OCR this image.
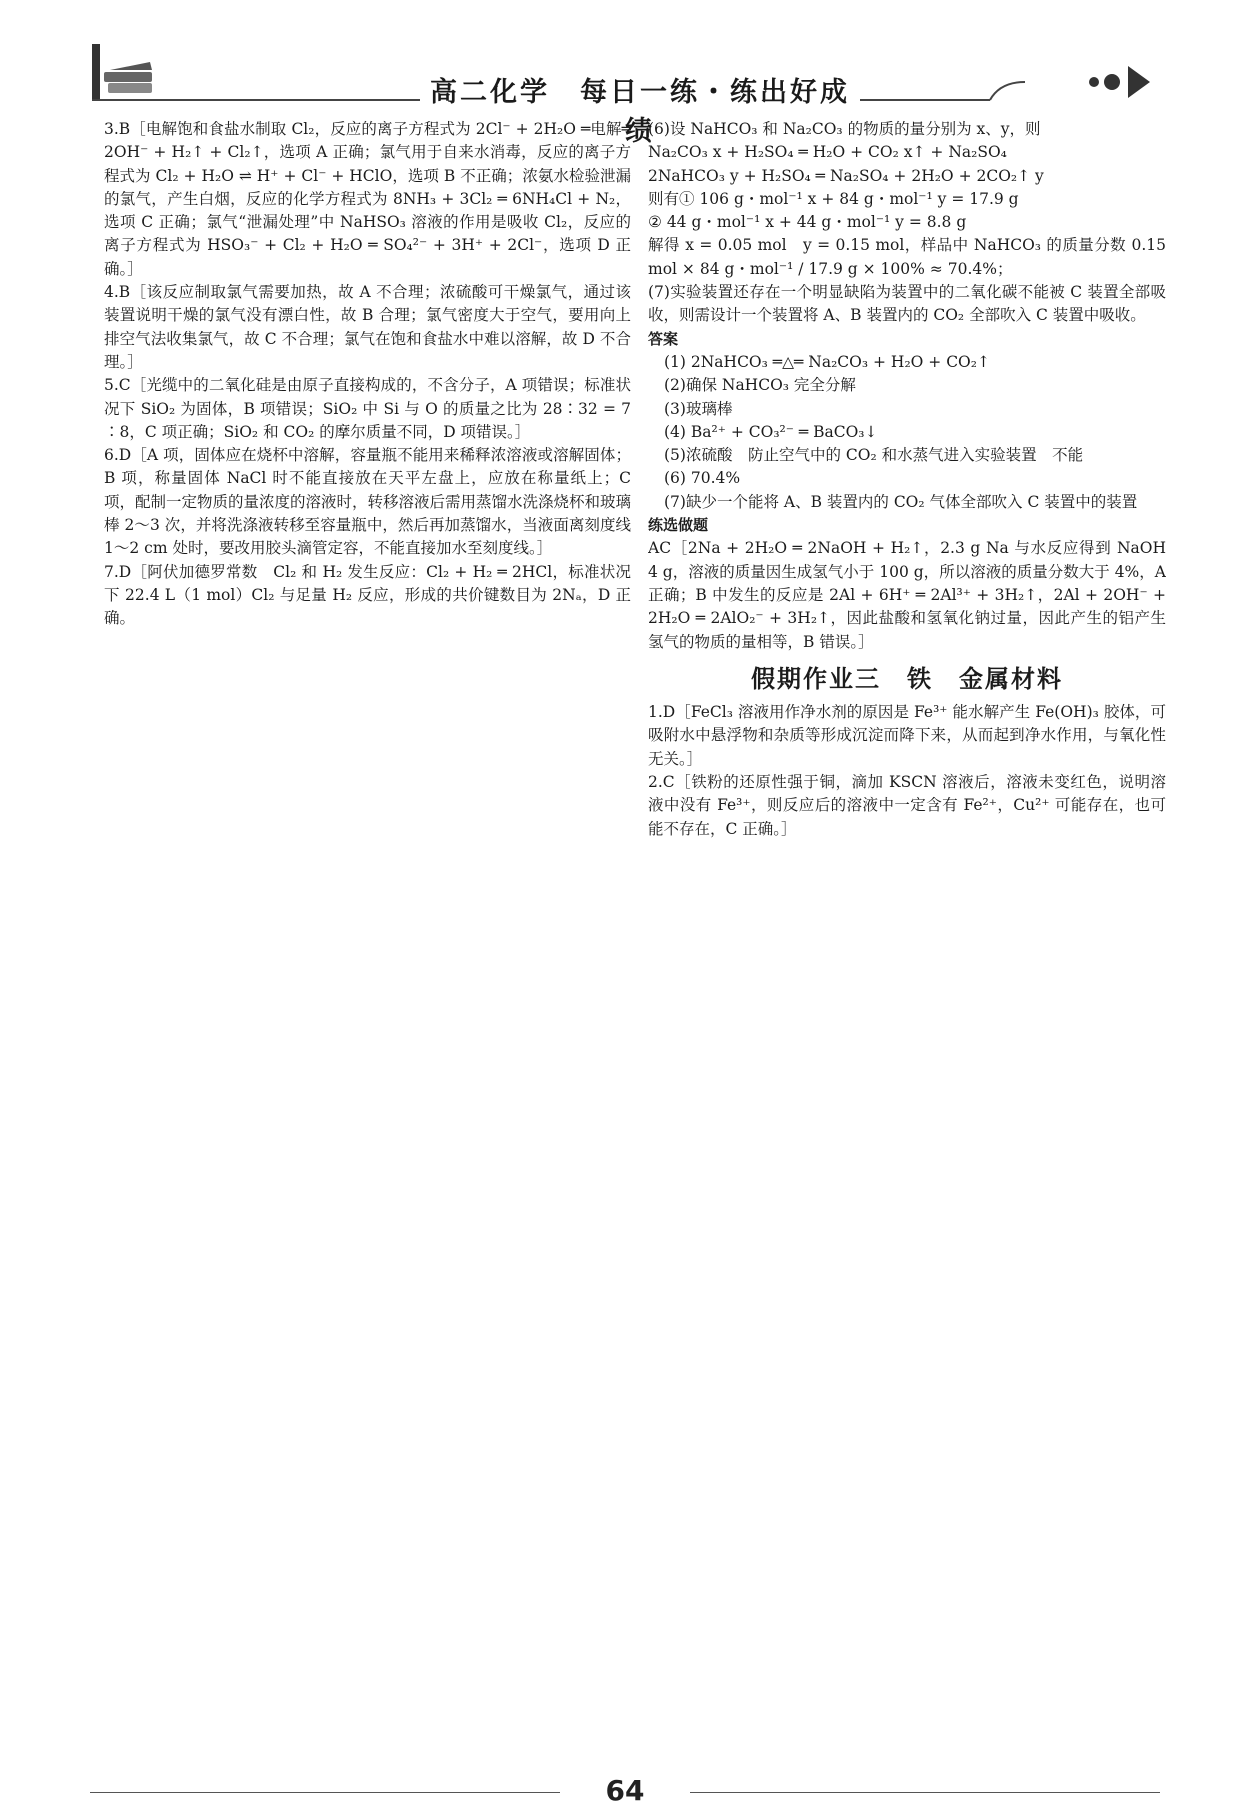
高二化学　每日一练・练出好成绩

3.B［电解饱和食盐水制取 Cl₂，反应的离子方程式为 2Cl⁻ + 2H₂O ═电解═ 2OH⁻ + H₂↑ + Cl₂↑，选项 A 正确；氯气用于自来水消毒，反应的离子方程式为 Cl₂ + H₂O ⇌ H⁺ + Cl⁻ + HClO，选项 B 不正确；浓氨水检验泄漏的氯气，产生白烟，反应的化学方程式为 8NH₃ + 3Cl₂ ═ 6NH₄Cl + N₂，选项 C 正确；氯气“泄漏处理”中 NaHSO₃ 溶液的作用是吸收 Cl₂，反应的离子方程式为 HSO₃⁻ + Cl₂ + H₂O ═ SO₄²⁻ + 3H⁺ + 2Cl⁻，选项 D 正确。］

4.B［该反应制取氯气需要加热，故 A 不合理；浓硫酸可干燥氯气，通过该装置说明干燥的氯气没有漂白性，故 B 合理；氯气密度大于空气，要用向上排空气法收集氯气，故 C 不合理；氯气在饱和食盐水中难以溶解，故 D 不合理。］

5.C［光缆中的二氧化硅是由原子直接构成的，不含分子，A 项错误；标准状况下 SiO₂ 为固体，B 项错误；SiO₂ 中 Si 与 O 的质量之比为 28∶32 = 7∶8，C 项正确；SiO₂ 和 CO₂ 的摩尔质量不同，D 项错误。］

6.D［A 项，固体应在烧杯中溶解，容量瓶不能用来稀释浓溶液或溶解固体；B 项，称量固体 NaCl 时不能直接放在天平左盘上，应放在称量纸上；C 项，配制一定物质的量浓度的溶液时，转移溶液后需用蒸馏水洗涤烧杯和玻璃棒 2～3 次，并将洗涤液转移至容量瓶中，然后再加蒸馏水，当液面离刻度线 1～2 cm 处时，要改用胶头滴管定容，不能直接加水至刻度线。］

7.D［阿伏加德罗常数　Cl₂ 和 H₂ 发生反应：Cl₂ + H₂ ═ 2HCl，标准状况下 22.4 L（1 mol）Cl₂ 与足量 H₂ 反应，形成的共价键数目为 2Nₐ，D 正确。

(6)设 NaHCO₃ 和 Na₂CO₃ 的物质的量分别为 x、y，则

Na₂CO₃ x + H₂SO₄ ═ H₂O + CO₂ x↑ + Na₂SO₄

2NaHCO₃ y + H₂SO₄ ═ Na₂SO₄ + 2H₂O + 2CO₂↑ y

则有① 106 g・mol⁻¹ x + 84 g・mol⁻¹ y = 17.9 g

② 44 g・mol⁻¹ x + 44 g・mol⁻¹ y = 8.8 g

解得 x = 0.05 mol　y = 0.15 mol，样品中 NaHCO₃ 的质量分数 0.15 mol × 84 g・mol⁻¹ / 17.9 g × 100% ≈ 70.4%；

(7)实验装置还存在一个明显缺陷为装置中的二氧化碳不能被 C 装置全部吸收，则需设计一个装置将 A、B 装置内的 CO₂ 全部吹入 C 装置中吸收。

答案

(1) 2NaHCO₃ ═△═ Na₂CO₃ + H₂O + CO₂↑

(2)确保 NaHCO₃ 完全分解

(3)玻璃棒

(4) Ba²⁺ + CO₃²⁻ ═ BaCO₃↓

(5)浓硫酸　防止空气中的 CO₂ 和水蒸气进入实验装置　不能

(6) 70.4%

(7)缺少一个能将 A、B 装置内的 CO₂ 气体全部吹入 C 装置中的装置

练选做题

AC［2Na + 2H₂O ═ 2NaOH + H₂↑，2.3 g Na 与水反应得到 NaOH 4 g，溶液的质量因生成氢气小于 100 g，所以溶液的质量分数大于 4%，A 正确；B 中发生的反应是 2Al + 6H⁺ ═ 2Al³⁺ + 3H₂↑，2Al + 2OH⁻ + 2H₂O ═ 2AlO₂⁻ + 3H₂↑，因此盐酸和氢氧化钠过量，因此产生的铝产生氢气的物质的量相等，B 错误。］

假期作业三　铁　金属材料

1.D［FeCl₃ 溶液用作净水剂的原因是 Fe³⁺ 能水解产生 Fe(OH)₃ 胶体，可吸附水中悬浮物和杂质等形成沉淀而降下来，从而起到净水作用，与氧化性无关。］

2.C［铁粉的还原性强于铜，滴加 KSCN 溶液后，溶液未变红色，说明溶液中没有 Fe³⁺，则反应后的溶液中一定含有 Fe²⁺，Cu²⁺ 可能存在，也可能不存在，C 正确。］

64
